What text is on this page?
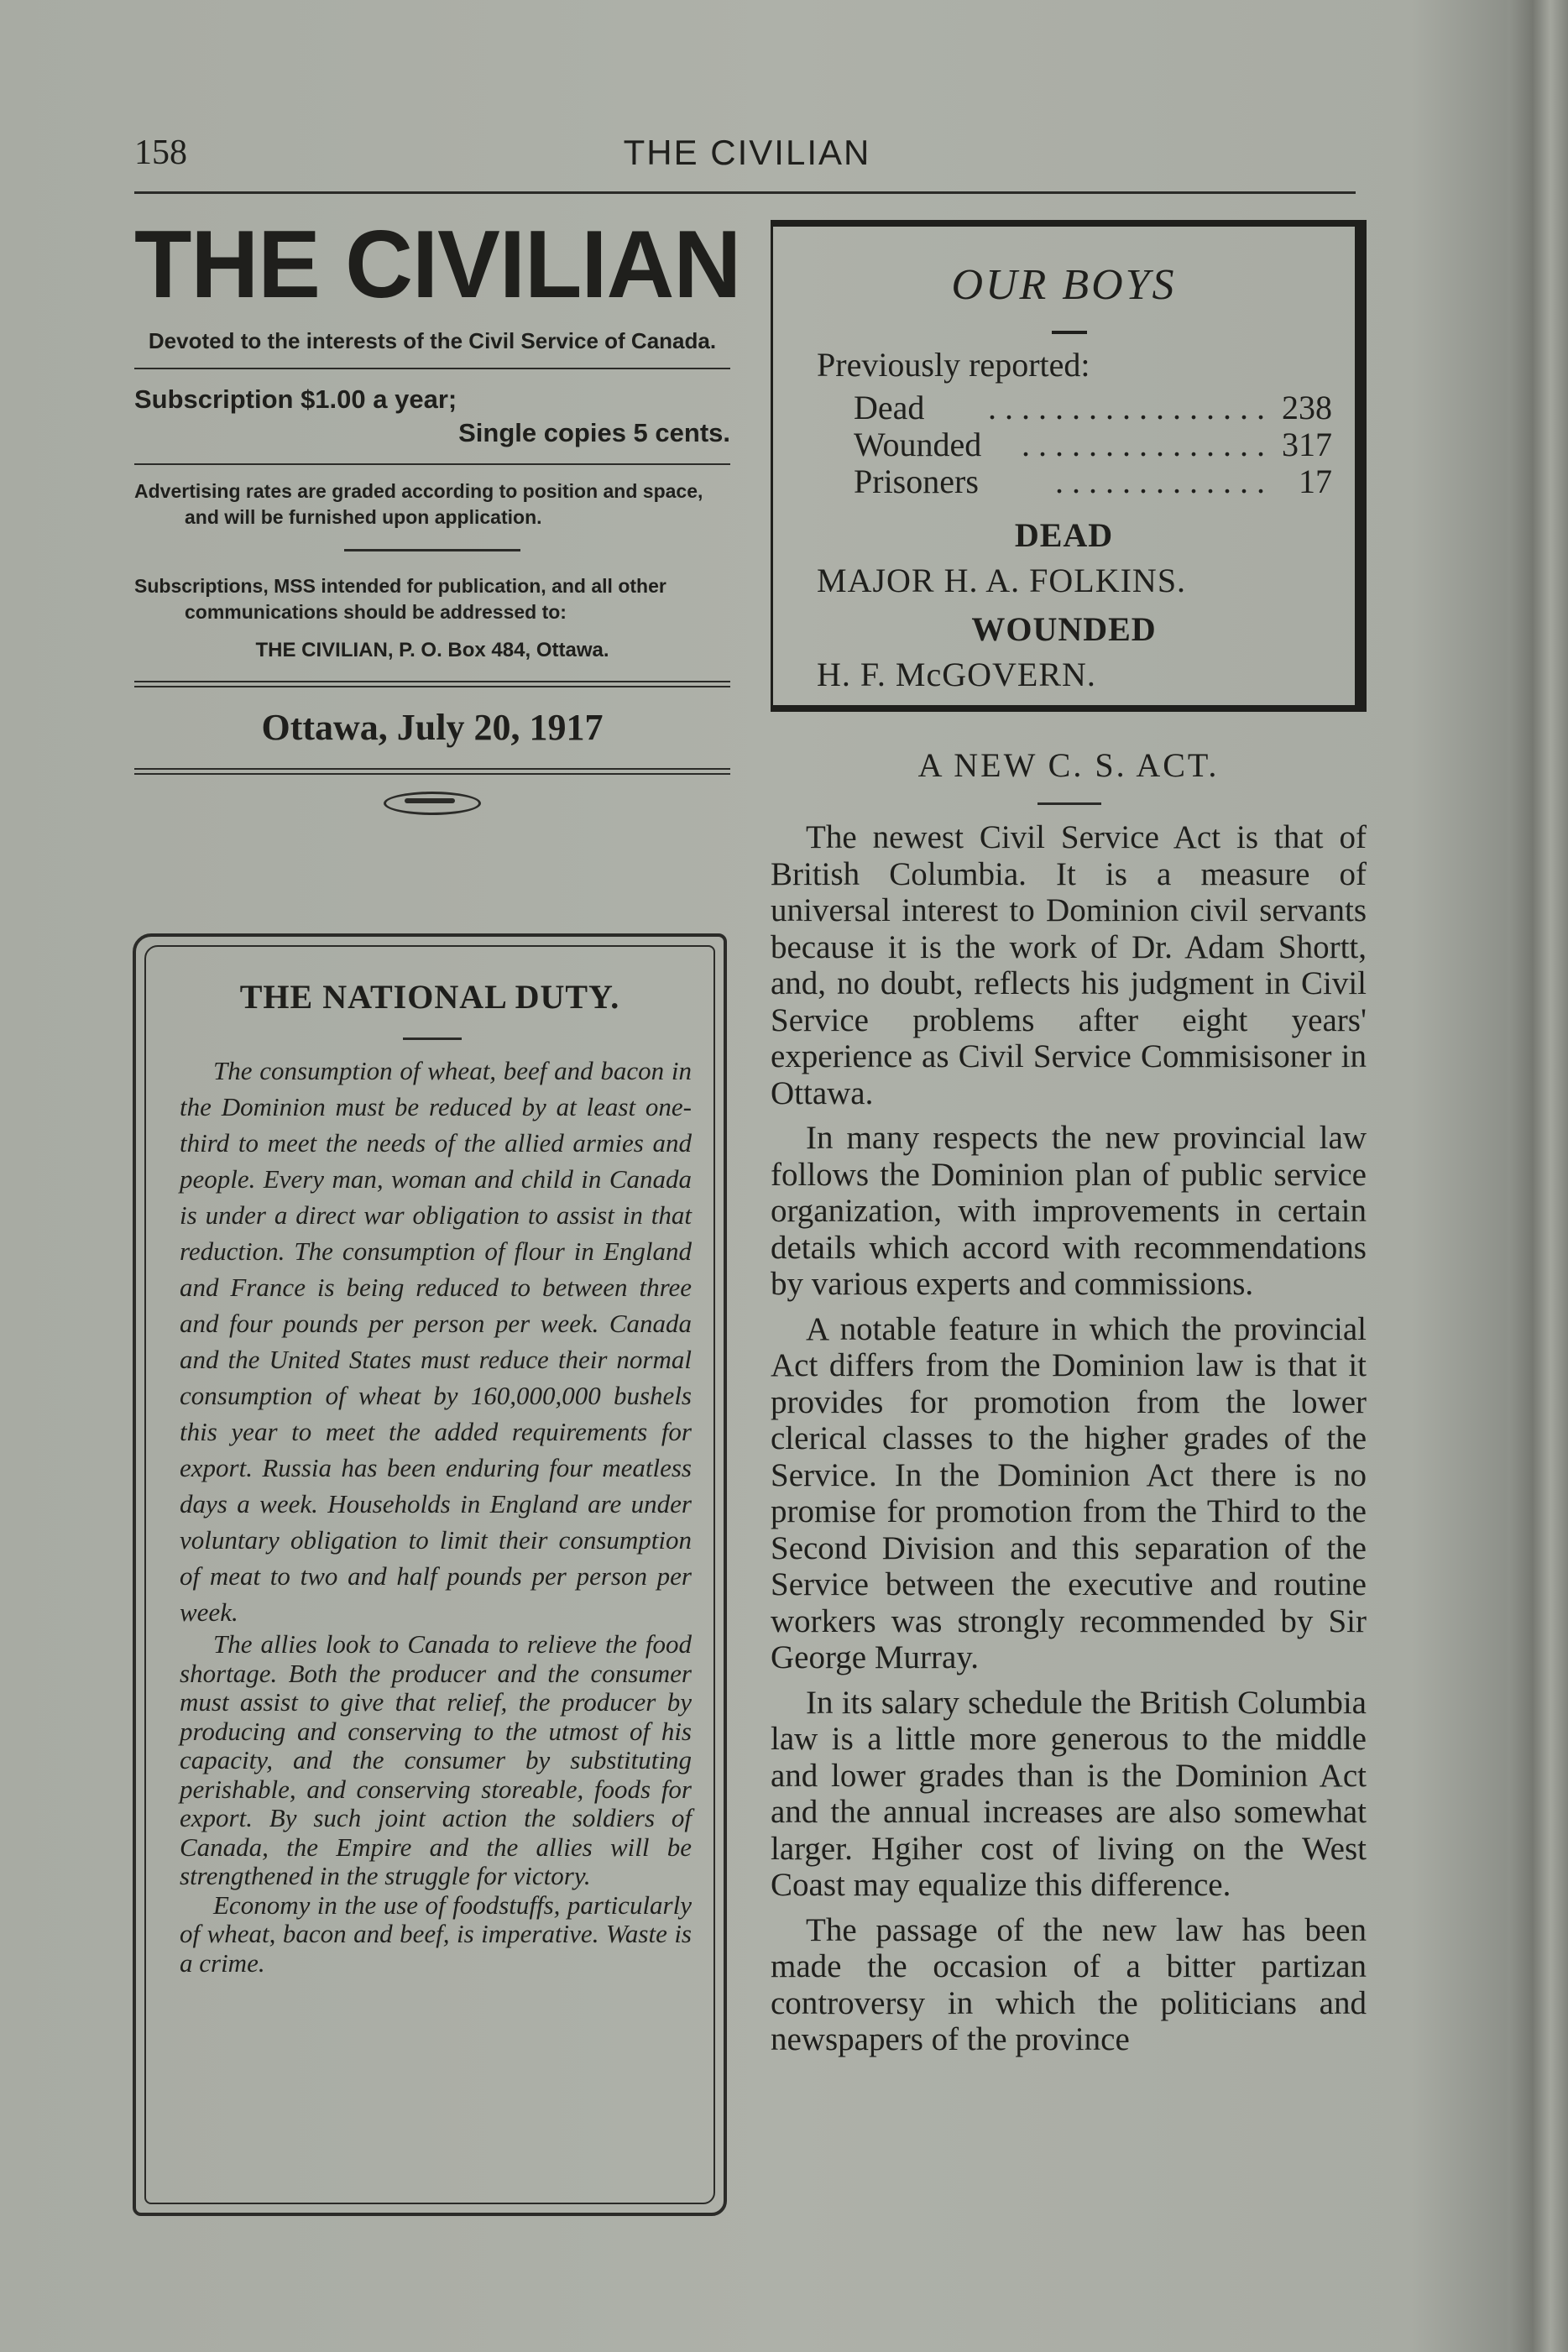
158	THE CIVILIAN
THE CIVILIAN
Devoted to the interests of the Civil Service of Canada.
Subscription $1.00 a year;
Single copies 5 cents.
Advertising rates are graded according to position and space, and will be furnished upon application.
Subscriptions, MSS intended for publication, and all other communications should be addressed to:
THE CIVILIAN, P. O. Box 484, Ottawa.
Ottawa, July 20, 1917
THE NATIONAL DUTY.

The consumption of wheat, beef and bacon in the Dominion must be reduced by at least one-third to meet the needs of the allied armies and people. Every man, woman and child in Canada is under a direct war obligation to assist in that reduction. The consumption of flour in England and France is being reduced to between three and four pounds per person per week. Canada and the United States must reduce their normal consumption of wheat by 160,000,000 bushels this year to meet the added requirements for export. Russia has been enduring four meatless days a week. Households in England are under voluntary obligation to limit their consumption of meat to two and half pounds per person per week.

The allies look to Canada to relieve the food shortage. Both the producer and the consumer must assist to give that relief, the producer by producing and conserving to the utmost of his capacity, and the consumer by substituting perishable, and conserving storeable, foods for export. By such joint action the soldiers of Canada, the Empire and the allies will be strengthened in the struggle for victory.

Economy in the use of foodstuffs, particularly of wheat, bacon and beef, is imperative. Waste is a crime.

OUR BOYS
Previously reported:
Dead	. . . . . . . . . . . . . . . . . 238
Wounded	. . . . . . . . . . . . . . . 317
Prisoners	. . . . . . . . . . . . . 17
DEAD
MAJOR H. A. FOLKINS.
WOUNDED
H. F. McGOVERN.
A NEW C. S. ACT.

The newest Civil Service Act is that of British Columbia. It is a measure of universal interest to Dominion civil servants because it is the work of Dr. Adam Shortt, and, no doubt, reflects his judgment in Civil Service problems after eight years' experience as Civil Service Commisisoner in Ottawa.

In many respects the new provincial law follows the Dominion plan of public service organization, with improvements in certain details which accord with recommendations by various experts and commissions.

A notable feature in which the provincial Act differs from the Dominion law is that it provides for promotion from the lower clerical classes to the higher grades of the Service. In the Dominion Act there is no promise for promotion from the Third to the Second Division and this separation of the Service between the executive and routine workers was strongly recommended by Sir George Murray.

In its salary schedule the British Columbia law is a little more generous to the middle and lower grades than is the Dominion Act and the annual increases are also somewhat larger. Hgiher cost of living on the West Coast may equalize this difference.

The passage of the new law has been made the occasion of a bitter partizan controversy in which the politicians and newspapers of the province
